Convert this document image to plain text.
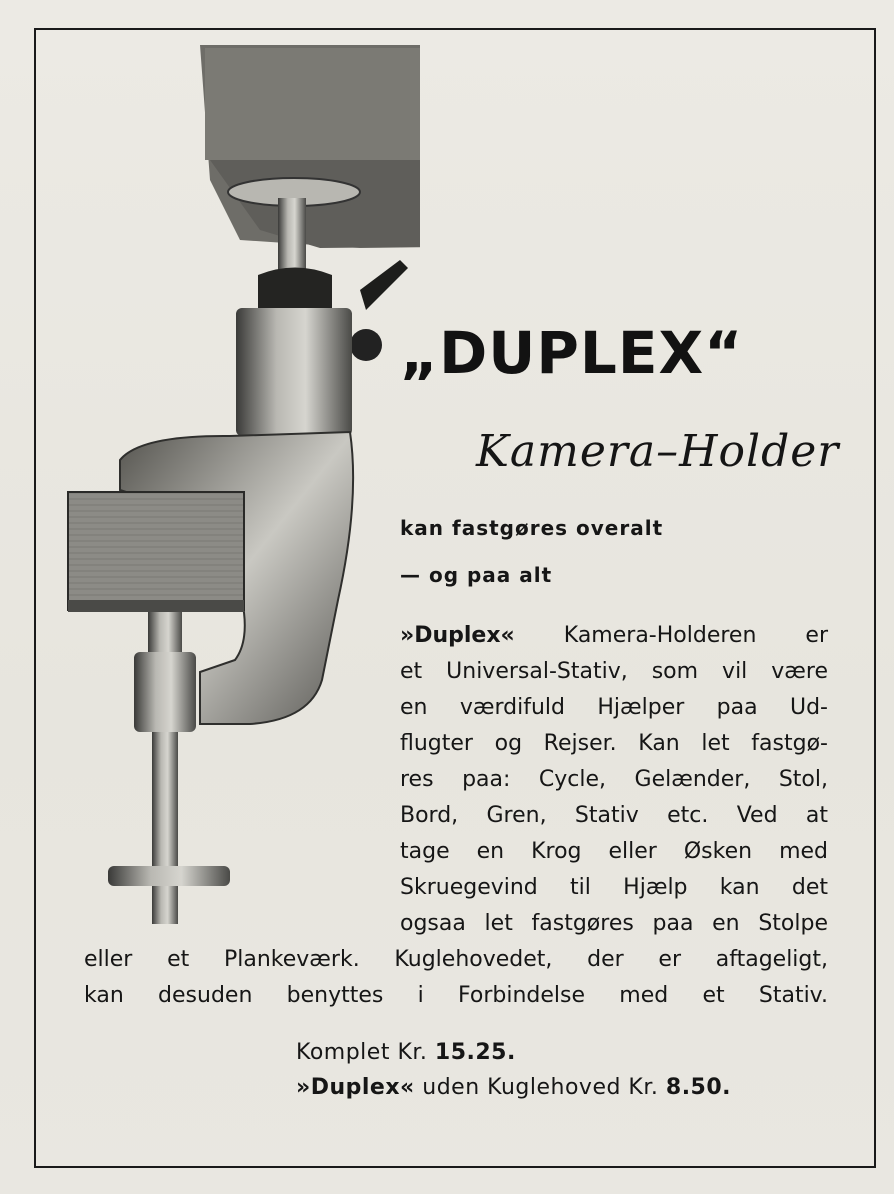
„DUPLEX“
Kamera–Holder
kan fastgøres overalt
— og paa alt
»Duplex« Kamera-Holderen er
et Universal-Stativ, som vil være
en værdifuld Hjælper paa Ud-
flugter og Rejser. Kan let fastgø-
res paa: Cycle, Gelænder, Stol,
Bord, Gren, Stativ etc. Ved at
tage en Krog eller Øsken med
Skruegevind til Hjælp kan det
ogsaa let fastgøres paa en Stolpe
eller et Plankeværk. Kuglehovedet, der er aftageligt,
kan desuden benyttes i Forbindelse med et Stativ.
Komplet Kr. 15.25.
»Duplex« uden Kuglehoved Kr. 8.50.
